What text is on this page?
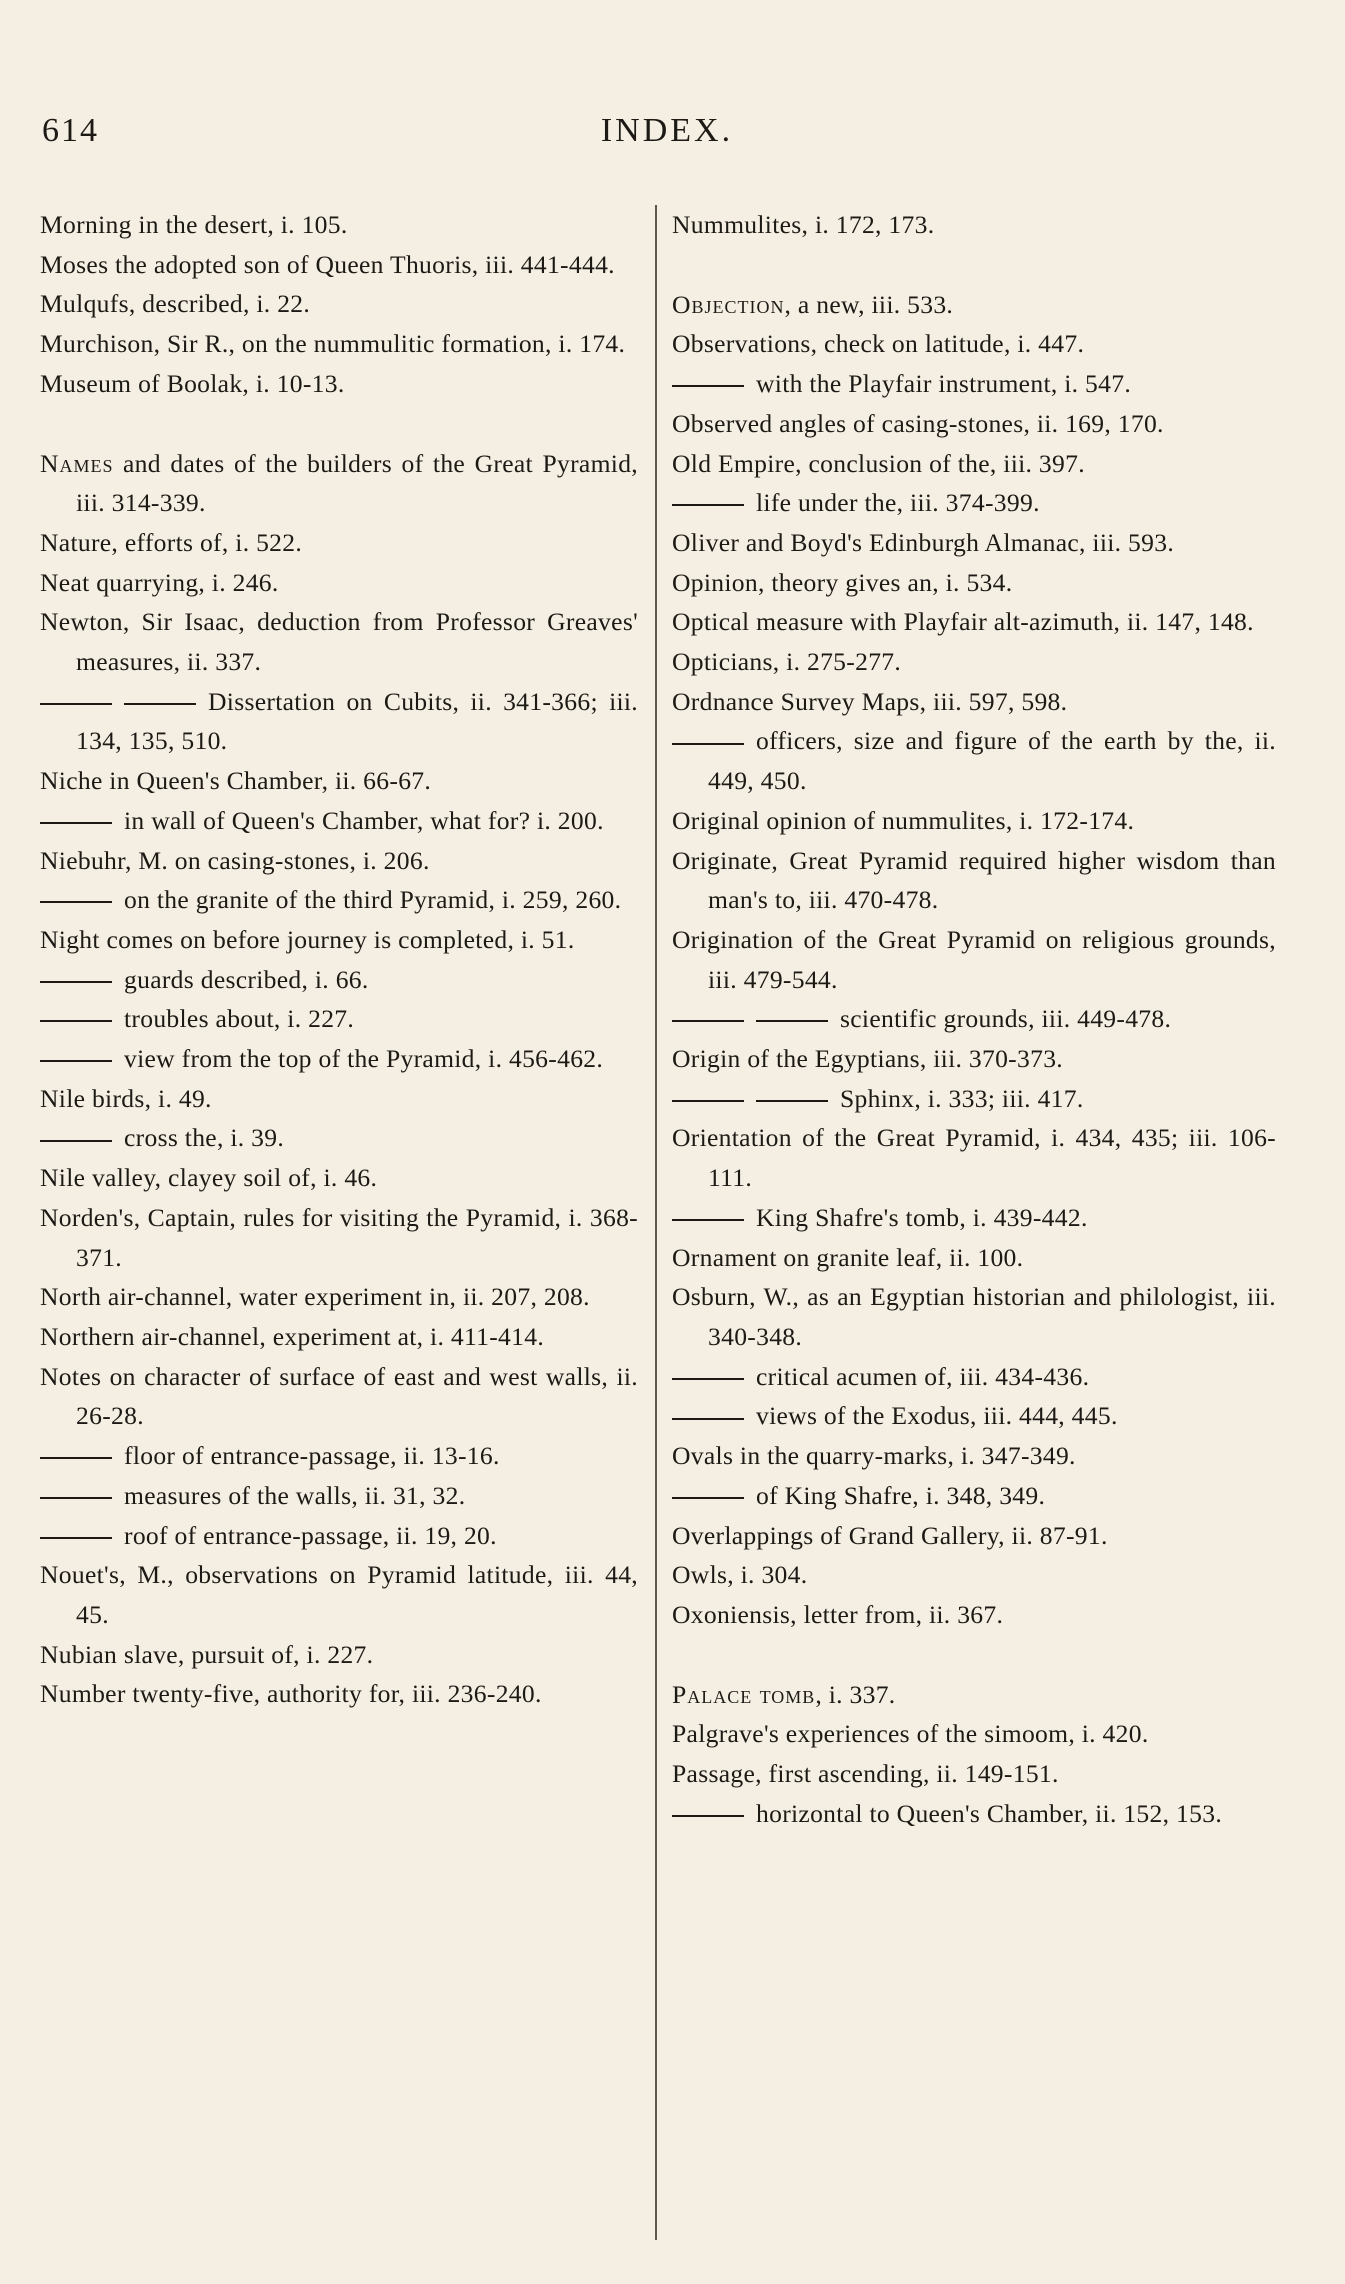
614	INDEX.

Morning in the desert, i. 105.

Moses the adopted son of Queen Thuoris, iii. 441-444.

Mulqufs, described, i. 22.

Murchison, Sir R., on the nummulitic formation, i. 174.

Museum of Boolak, i. 10-13.

Names and dates of the builders of the Great Pyramid, iii. 314-339.

Nature, efforts of, i. 522.

Neat quarrying, i. 246.

Newton, Sir Isaac, deduction from Professor Greaves' measures, ii. 337.

Dissertation on Cubits, ii. 341-366; iii. 134, 135, 510.

Niche in Queen's Chamber, ii. 66-67.

in wall of Queen's Chamber, what for? i. 200.

Niebuhr, M. on casing-stones, i. 206.

on the granite of the third Pyramid, i. 259, 260.

Night comes on before journey is completed, i. 51.

guards described, i. 66.

troubles about, i. 227.

view from the top of the Pyramid, i. 456-462.

Nile birds, i. 49.

cross the, i. 39.

Nile valley, clayey soil of, i. 46.

Norden's, Captain, rules for visiting the Pyramid, i. 368-371.

North air-channel, water experiment in, ii. 207, 208.

Northern air-channel, experiment at, i. 411-414.

Notes on character of surface of east and west walls, ii. 26-28.

floor of entrance-passage, ii. 13-16.

measures of the walls, ii. 31, 32.

roof of entrance-passage, ii. 19, 20.

Nouet's, M., observations on Pyramid latitude, iii. 44, 45.

Nubian slave, pursuit of, i. 227.

Number twenty-five, authority for, iii. 236-240.

Nummulites, i. 172, 173.

Objection, a new, iii. 533.

Observations, check on latitude, i. 447.

with the Playfair instrument, i. 547.

Observed angles of casing-stones, ii. 169, 170.

Old Empire, conclusion of the, iii. 397.

life under the, iii. 374-399.

Oliver and Boyd's Edinburgh Almanac, iii. 593.

Opinion, theory gives an, i. 534.

Optical measure with Playfair alt-azimuth, ii. 147, 148.

Opticians, i. 275-277.

Ordnance Survey Maps, iii. 597, 598.

officers, size and figure of the earth by the, ii. 449, 450.

Original opinion of nummulites, i. 172-174.

Originate, Great Pyramid required higher wisdom than man's to, iii. 470-478.

Origination of the Great Pyramid on religious grounds, iii. 479-544.

scientific grounds, iii. 449-478.

Origin of the Egyptians, iii. 370-373.

Sphinx, i. 333; iii. 417.

Orientation of the Great Pyramid, i. 434, 435; iii. 106-111.

King Shafre's tomb, i. 439-442.

Ornament on granite leaf, ii. 100.

Osburn, W., as an Egyptian historian and philologist, iii. 340-348.

critical acumen of, iii. 434-436.

views of the Exodus, iii. 444, 445.

Ovals in the quarry-marks, i. 347-349.

of King Shafre, i. 348, 349.

Overlappings of Grand Gallery, ii. 87-91.

Owls, i. 304.

Oxoniensis, letter from, ii. 367.

Palace tomb, i. 337.

Palgrave's experiences of the simoom, i. 420.

Passage, first ascending, ii. 149-151.

horizontal to Queen's Chamber, ii. 152, 153.
